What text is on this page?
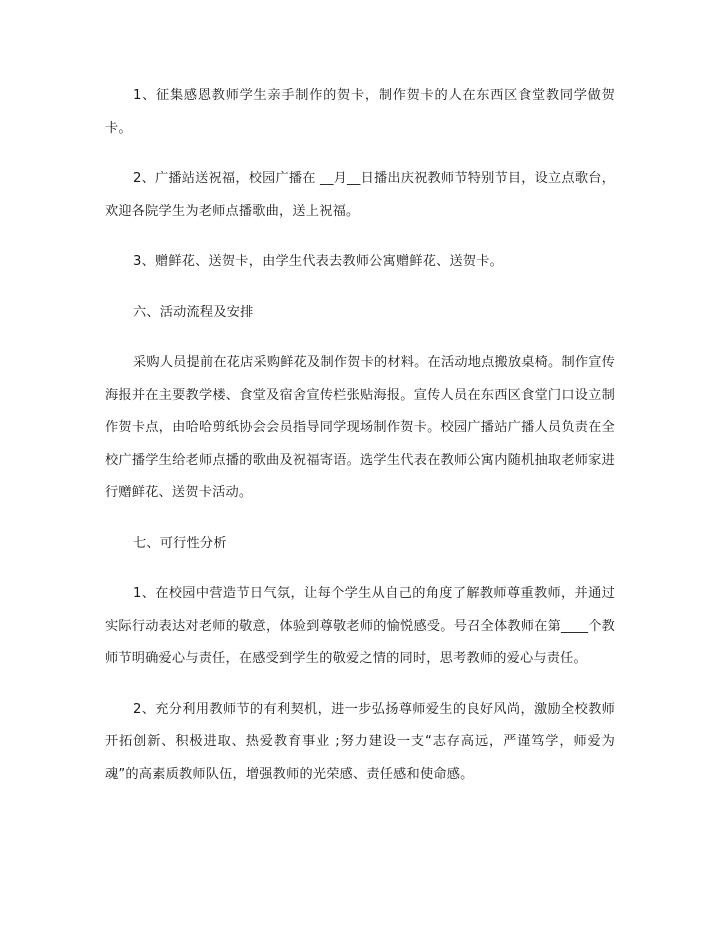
1、征集感恩教师学生亲手制作的贺卡，制作贺卡的人在东西区食堂教同学做贺卡。

2、广播站送祝福，校园广播在 __月__日播出庆祝教师节特别节目，设立点歌台，欢迎各院学生为老师点播歌曲，送上祝福。

3、赠鲜花、送贺卡，由学生代表去教师公寓赠鲜花、送贺卡。

六、活动流程及安排

采购人员提前在花店采购鲜花及制作贺卡的材料。在活动地点搬放桌椅。制作宣传海报并在主要教学楼、食堂及宿舍宣传栏张贴海报。宣传人员在东西区食堂门口设立制作贺卡点，由哈哈剪纸协会会员指导同学现场制作贺卡。校园广播站广播人员负责在全校广播学生给老师点播的歌曲及祝福寄语。选学生代表在教师公寓内随机抽取老师家进行赠鲜花、送贺卡活动。

七、可行性分析

1、在校园中营造节日气氛，让每个学生从自己的角度了解教师尊重教师，并通过实际行动表达对老师的敬意，体验到尊敬老师的愉悦感受。号召全体教师在第____个教师节明确爱心与责任，在感受到学生的敬爱之情的同时，思考教师的爱心与责任。

2、充分利用教师节的有利契机，进一步弘扬尊师爱生的良好风尚，激励全校教师开拓创新、积极进取、热爱教育事业 ;努力建设一支“志存高远，严谨笃学，师爱为魂”的高素质教师队伍，增强教师的光荣感、责任感和使命感。
